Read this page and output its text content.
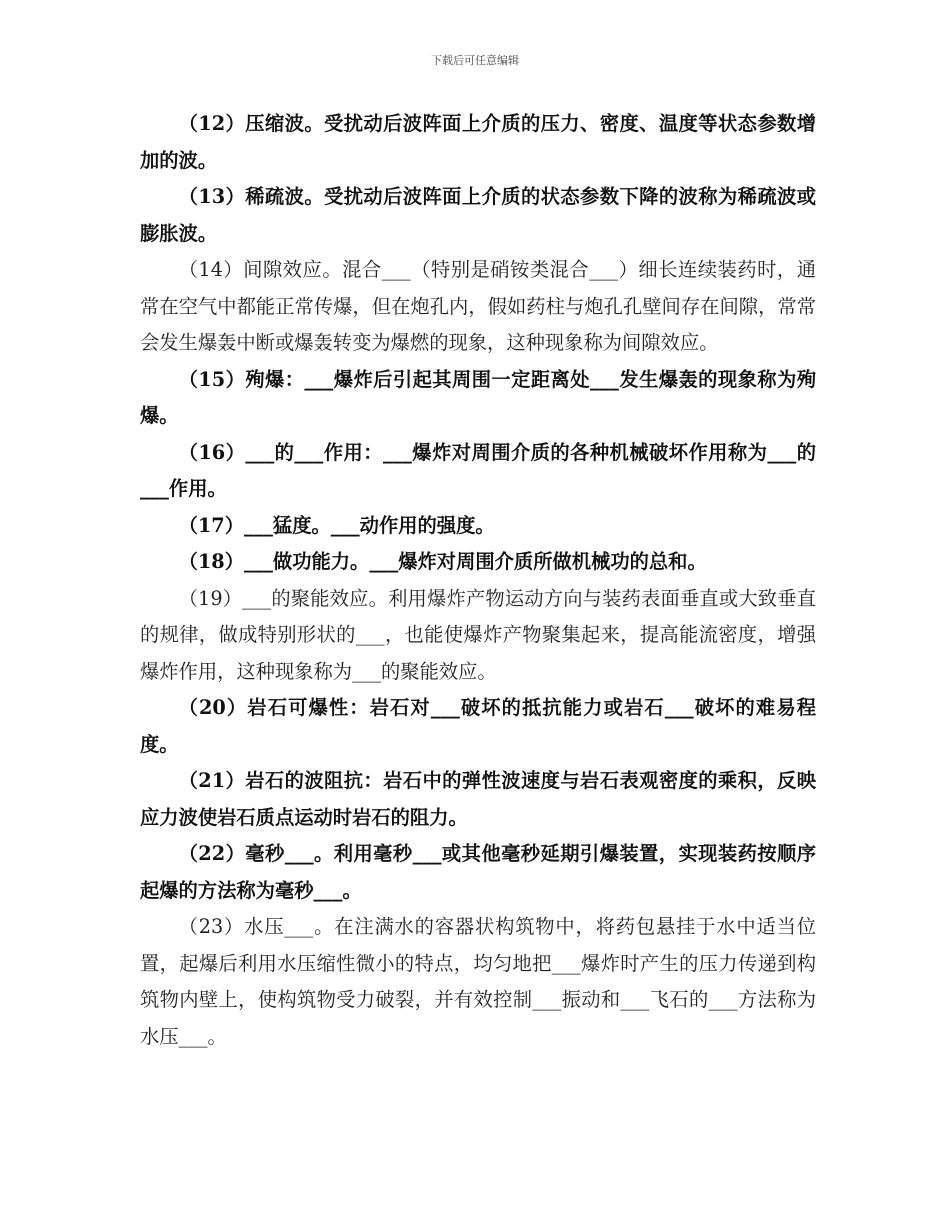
下载后可任意编辑

（12）压缩波。受扰动后波阵面上介质的压力、密度、温度等状态参数增加的波。

（13）稀疏波。受扰动后波阵面上介质的状态参数下降的波称为稀疏波或膨胀波。

（14）间隙效应。混合___（特别是硝铵类混合___）细长连续装药时，通常在空气中都能正常传爆，但在炮孔内，假如药柱与炮孔孔壁间存在间隙，常常会发生爆轰中断或爆轰转变为爆燃的现象，这种现象称为间隙效应。

（15）殉爆：___爆炸后引起其周围一定距离处___发生爆轰的现象称为殉爆。

（16）___的___作用：___爆炸对周围介质的各种机械破坏作用称为___的___作用。

（17）___猛度。___动作用的强度。

（18）___做功能力。___爆炸对周围介质所做机械功的总和。

（19）___的聚能效应。利用爆炸产物运动方向与装药表面垂直或大致垂直的规律，做成特别形状的___，也能使爆炸产物聚集起来，提高能流密度，增强爆炸作用，这种现象称为___的聚能效应。

（20）岩石可爆性：岩石对___破坏的抵抗能力或岩石___破坏的难易程度。

（21）岩石的波阻抗：岩石中的弹性波速度与岩石表观密度的乘积，反映应力波使岩石质点运动时岩石的阻力。

（22）毫秒___。利用毫秒___或其他毫秒延期引爆装置，实现装药按顺序起爆的方法称为毫秒___。

（23）水压___。在注满水的容器状构筑物中，将药包悬挂于水中适当位置，起爆后利用水压缩性微小的特点，均匀地把___爆炸时产生的压力传递到构筑物内壁上，使构筑物受力破裂，并有效控制___振动和___飞石的___方法称为水压___。
